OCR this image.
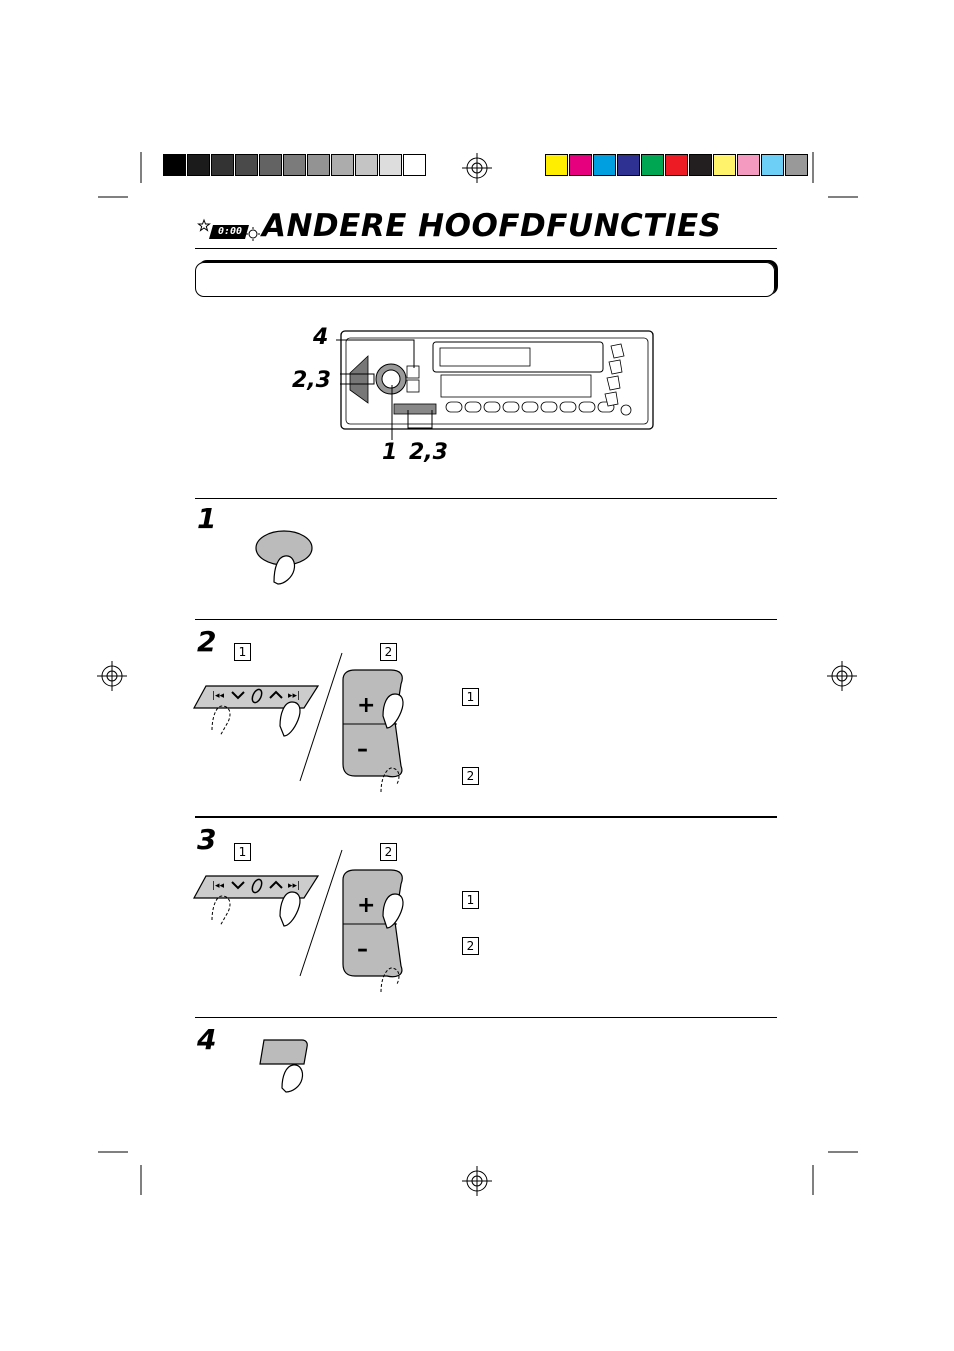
0:00 ANDERE HOOFDFUNCTIES
4
2,3
1 2,3
1
2	1	2
|◂◂	▸▸|	+
–
1
2
3	1	2
|◂◂	▸▸|
+
–
1
2
4
